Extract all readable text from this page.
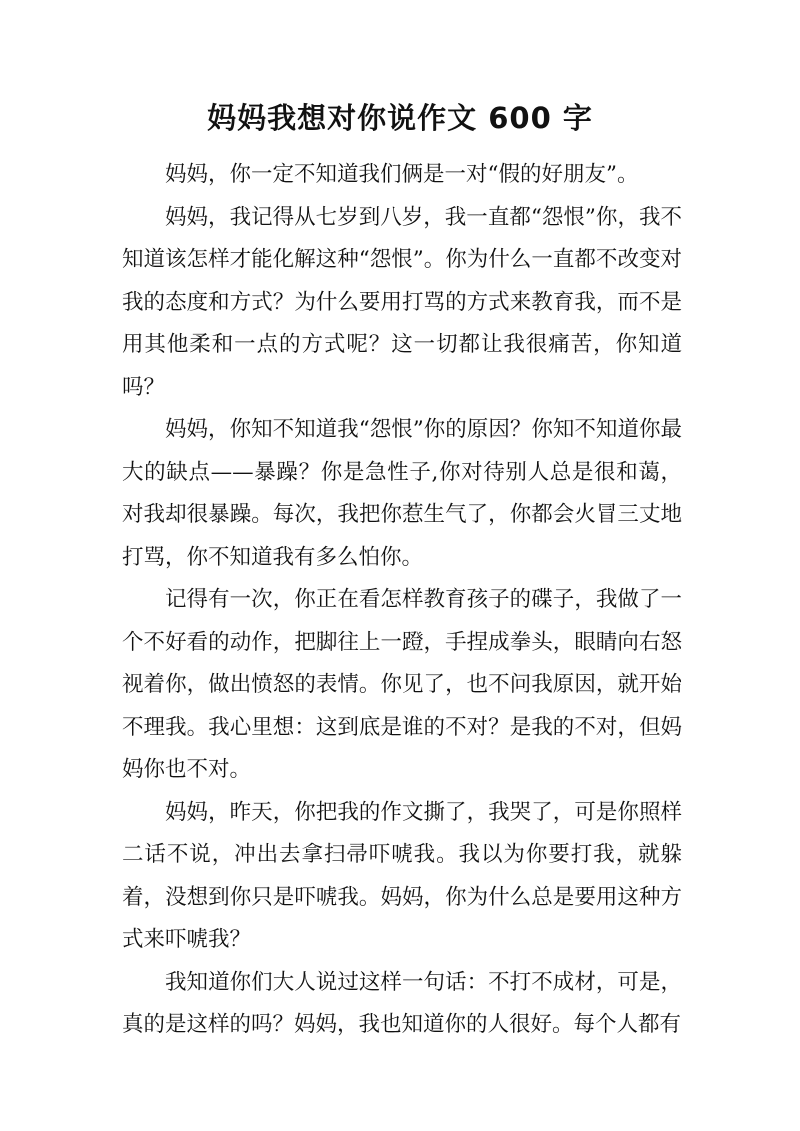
妈妈我想对你说作文 600 字

妈妈，你一定不知道我们俩是一对“假的好朋友”。

妈妈，我记得从七岁到八岁，我一直都“怨恨”你，我不知道该怎样才能化解这种“怨恨”。你为什么一直都不改变对我的态度和方式？为什么要用打骂的方式来教育我，而不是用其他柔和一点的方式呢？这一切都让我很痛苦，你知道吗？

妈妈，你知不知道我“怨恨”你的原因？你知不知道你最大的缺点——暴躁？你是急性子,你对待别人总是很和蔼，对我却很暴躁。每次，我把你惹生气了，你都会火冒三丈地打骂，你不知道我有多么怕你。

记得有一次，你正在看怎样教育孩子的碟子，我做了一个不好看的动作，把脚往上一蹬，手捏成拳头，眼睛向右怒视着你，做出愤怒的表情。你见了，也不问我原因，就开始不理我。我心里想：这到底是谁的不对？是我的不对，但妈妈你也不对。

妈妈，昨天，你把我的作文撕了，我哭了，可是你照样二话不说，冲出去拿扫帚吓唬我。我以为你要打我，就躲着，没想到你只是吓唬我。妈妈，你为什么总是要用这种方式来吓唬我？

我知道你们大人说过这样一句话：不打不成材，可是，真的是这样的吗？妈妈，我也知道你的人很好。每个人都有
